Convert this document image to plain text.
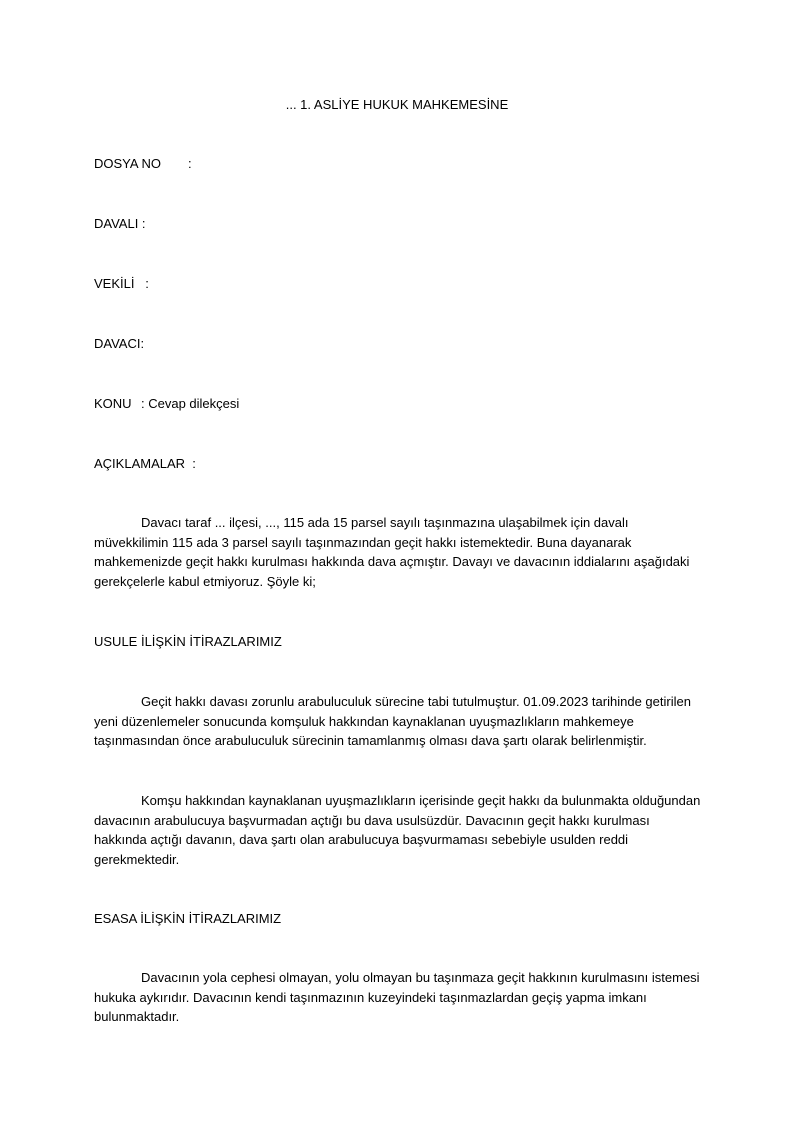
... 1. ASLİYE HUKUK MAHKEMESİNE
DOSYA NO :
DAVALI :
VEKİLİ   :
DAVACI:
KONU : Cevap dilekçesi
AÇIKLAMALAR  :
Davacı taraf ... ilçesi, ..., 115 ada 15 parsel sayılı taşınmazına ulaşabilmek için davalı müvekkilimin 115 ada 3 parsel sayılı taşınmazından geçit hakkı istemektedir. Buna dayanarak mahkemenizde geçit hakkı kurulması hakkında dava açmıştır. Davayı ve davacının iddialarını aşağıdaki gerekçelerle kabul etmiyoruz. Şöyle ki;
USULE İLİŞKİN İTİRAZLARIMIZ
Geçit hakkı davası zorunlu arabuluculuk sürecine tabi tutulmuştur. 01.09.2023 tarihinde getirilen yeni düzenlemeler sonucunda komşuluk hakkından kaynaklanan uyuşmazlıkların mahkemeye taşınmasından önce arabuluculuk sürecinin tamamlanmış olması dava şartı olarak belirlenmiştir.
Komşu hakkından kaynaklanan uyuşmazlıkların içerisinde geçit hakkı da bulunmakta olduğundan davacının arabulucuya başvurmadan açtığı bu dava usulsüzdür. Davacının geçit hakkı kurulması hakkında açtığı davanın, dava şartı olan arabulucuya başvurmaması sebebiyle usulden reddi gerekmektedir.
ESASA İLİŞKİN İTİRAZLARIMIZ
Davacının yola cephesi olmayan, yolu olmayan bu taşınmaza geçit hakkının kurulmasını istemesi hukuka aykırıdır. Davacının kendi taşınmazının kuzeyindeki taşınmazlardan geçiş yapma imkanı bulunmaktadır.
